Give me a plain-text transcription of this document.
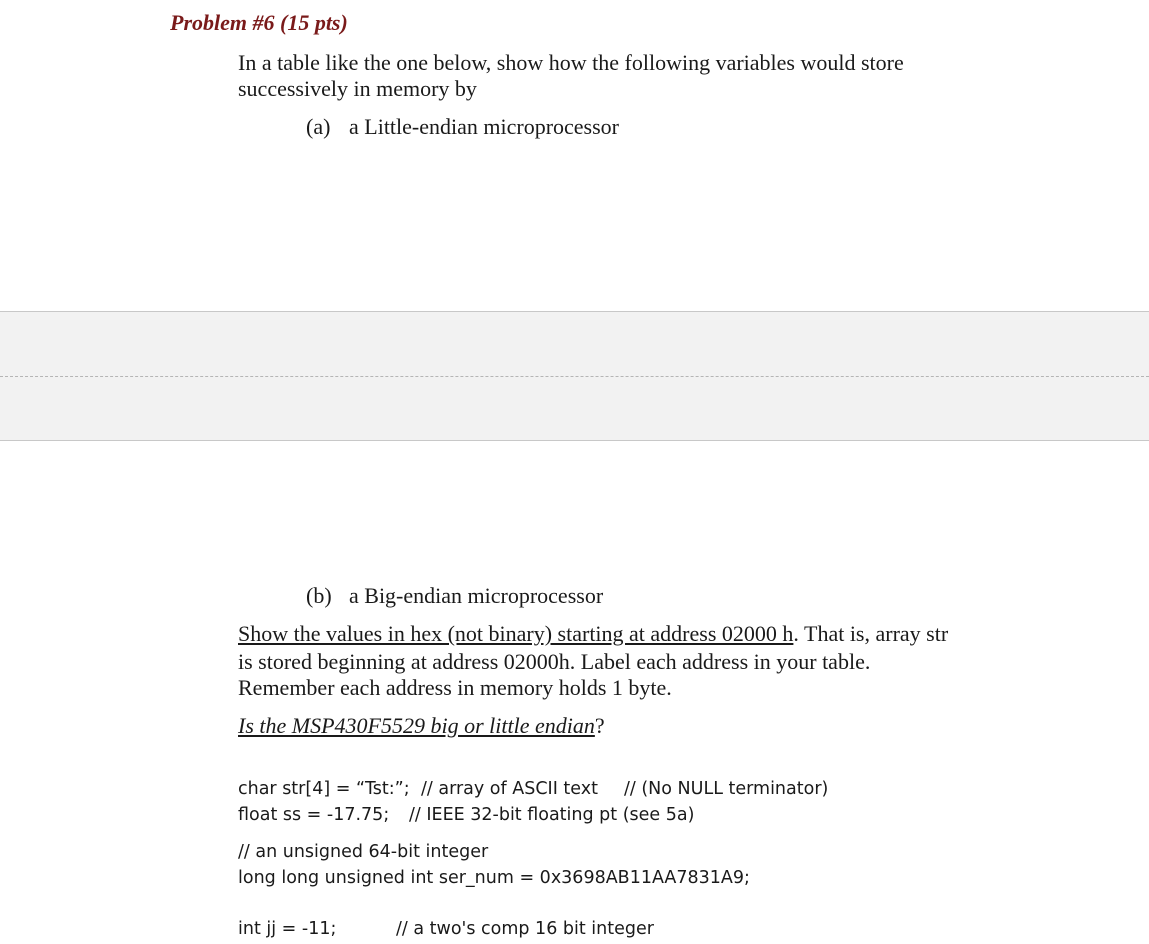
Problem #6 (15 pts)
In a table like the one below, show how the following variables would store
successively in memory by
(a) a Little-endian microprocessor
(b) a Big-endian microprocessor
Show the values in hex (not binary) starting at address 02000 h. That is, array str
is stored beginning at address 02000h. Label each address in your table.
Remember each address in memory holds 1 byte.
Is the MSP430F5529 big or little endian?
char str[4] = “Tst:”; // array of ASCII text // (No NULL terminator)
float ss = -17.75; // IEEE 32-bit floating pt (see 5a)
// an unsigned 64-bit integer
long long unsigned int ser_num = 0x3698AB11AA7831A9;
int jj = -11;	// a two's comp 16 bit integer
